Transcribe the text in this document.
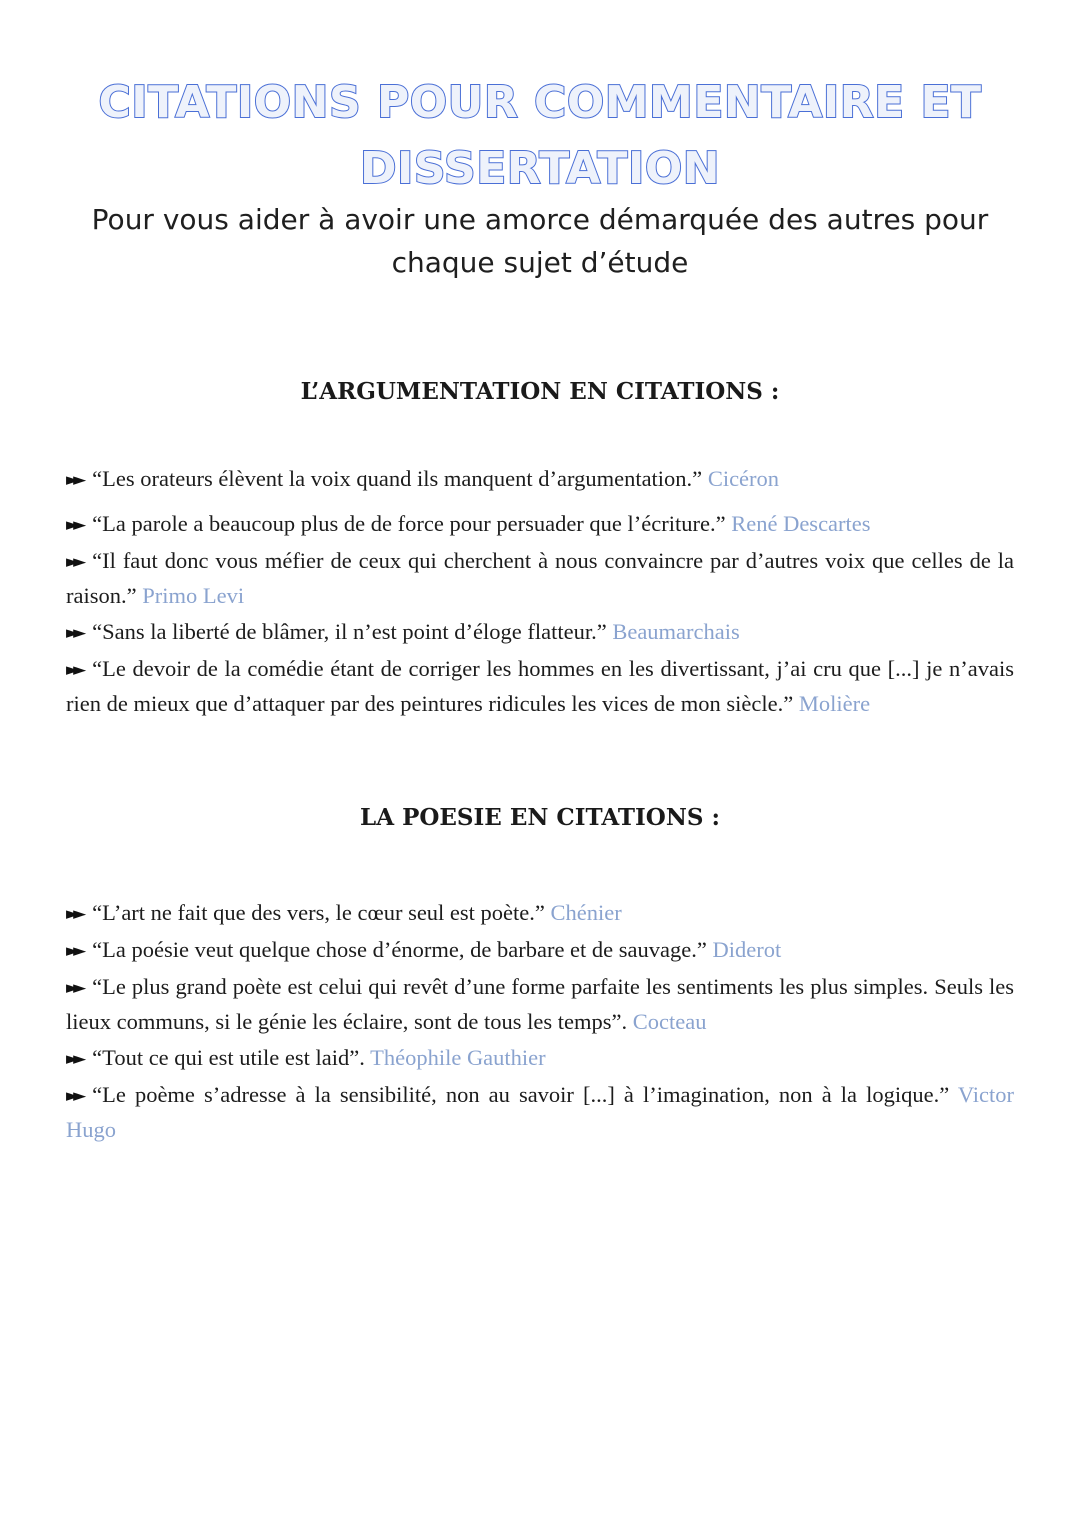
CITATIONS POUR COMMENTAIRE ET
DISSERTATION

Pour vous aider à avoir une amorce démarquée des autres pour
chaque sujet d’étude

L’ARGUMENTATION EN CITATIONS :

►► “Les orateurs élèvent la voix quand ils manquent d’argumentation.” Cicéron

►► “La parole a beaucoup plus de de force pour persuader que l’écriture.” René Descartes

►► “Il faut donc vous méfier de ceux qui cherchent à nous convaincre par d’autres voix que celles de la raison.” Primo Levi

►► “Sans la liberté de blâmer, il n’est point d’éloge flatteur.” Beaumarchais

►► “Le devoir de la comédie étant de corriger les hommes en les divertissant, j’ai cru que [...] je n’avais rien de mieux que d’attaquer par des peintures ridicules les vices de mon siècle.” Molière

LA POESIE EN CITATIONS :

►► “L’art ne fait que des vers, le cœur seul est poète.” Chénier

►► “La poésie veut quelque chose d’énorme, de barbare et de sauvage.” Diderot

►► “Le plus grand poète est celui qui revêt d’une forme parfaite les sentiments les plus simples. Seuls les lieux communs, si le génie les éclaire, sont de tous les temps”. Cocteau

►► “Tout ce qui est utile est laid”. Théophile Gauthier

►► “Le poème s’adresse à la sensibilité, non au savoir [...] à l’imagination, non à la logique.” Victor Hugo
